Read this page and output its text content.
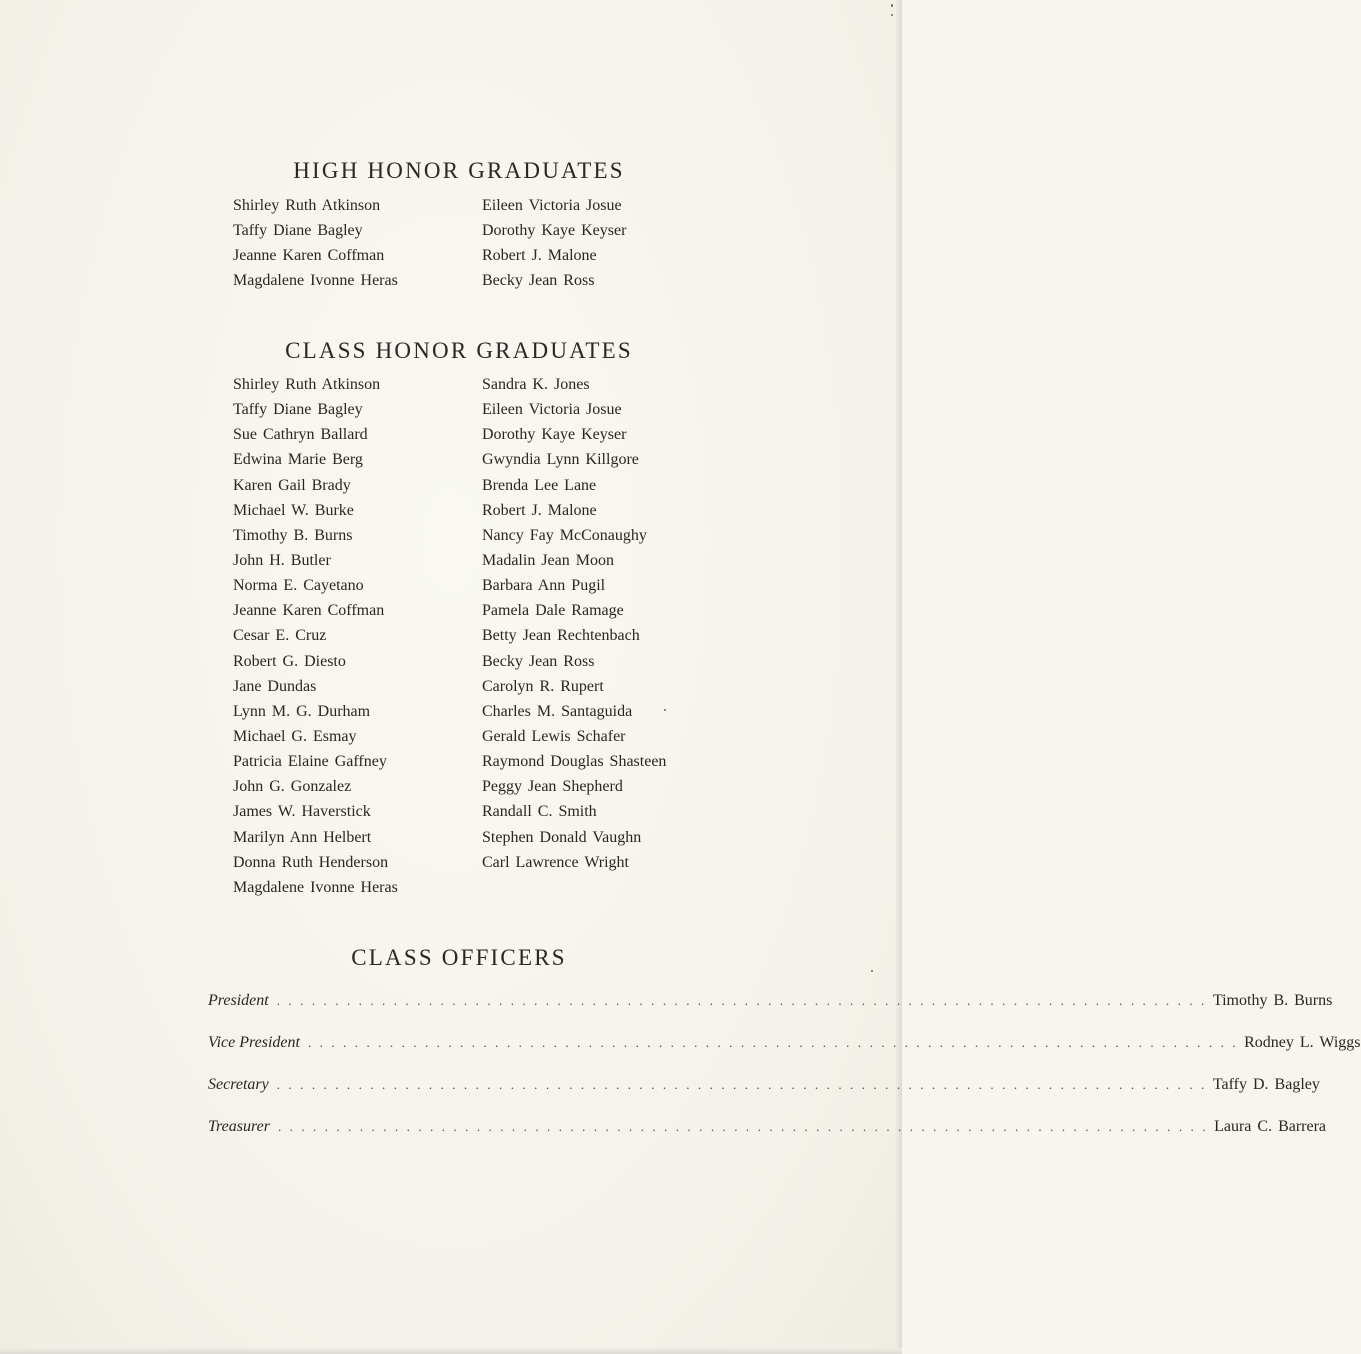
HIGH HONOR GRADUATES
Shirley Ruth Atkinson
Taffy Diane Bagley
Jeanne Karen Coffman
Magdalene Ivonne Heras
Eileen Victoria Josue
Dorothy Kaye Keyser
Robert J. Malone
Becky Jean Ross
CLASS HONOR GRADUATES
Shirley Ruth Atkinson
Taffy Diane Bagley
Sue Cathryn Ballard
Edwina Marie Berg
Karen Gail Brady
Michael W. Burke
Timothy B. Burns
John H. Butler
Norma E. Cayetano
Jeanne Karen Coffman
Cesar E. Cruz
Robert G. Diesto
Jane Dundas
Lynn M. G. Durham
Michael G. Esmay
Patricia Elaine Gaffney
John G. Gonzalez
James W. Haverstick
Marilyn Ann Helbert
Donna Ruth Henderson
Magdalene Ivonne Heras
Sandra K. Jones
Eileen Victoria Josue
Dorothy Kaye Keyser
Gwyndia Lynn Killgore
Brenda Lee Lane
Robert J. Malone
Nancy Fay McConaughy
Madalin Jean Moon
Barbara Ann Pugil
Pamela Dale Ramage
Betty Jean Rechtenbach
Becky Jean Ross
Carolyn R. Rupert
Charles M. Santaguida
Gerald Lewis Schafer
Raymond Douglas Shasteen
Peggy Jean Shepherd
Randall C. Smith
Stephen Donald Vaughn
Carl Lawrence Wright
CLASS OFFICERS
President . . . . . . . . . . . . . . . . . . . . . . . . . . . . . . . . . . . . . . . . . . . . . . . . . . . . . . . . . . . . . . . . . . . . . . . . . . . . . . . . Timothy B. Burns
Vice President . . . . . . . . . . . . . . . . . . . . . . . . . . . . . . . . . . . . . . . . . . . . . . . . . . . . . . . . . . . . . . . . . . . . . . . . . . . . . . . . Rodney L. Wiggs
Secretary . . . . . . . . . . . . . . . . . . . . . . . . . . . . . . . . . . . . . . . . . . . . . . . . . . . . . . . . . . . . . . . . . . . . . . . . . . . . . . . . Taffy D. Bagley
Treasurer . . . . . . . . . . . . . . . . . . . . . . . . . . . . . . . . . . . . . . . . . . . . . . . . . . . . . . . . . . . . . . . . . . . . . . . . . . . . . . . . Laura C. Barrera
